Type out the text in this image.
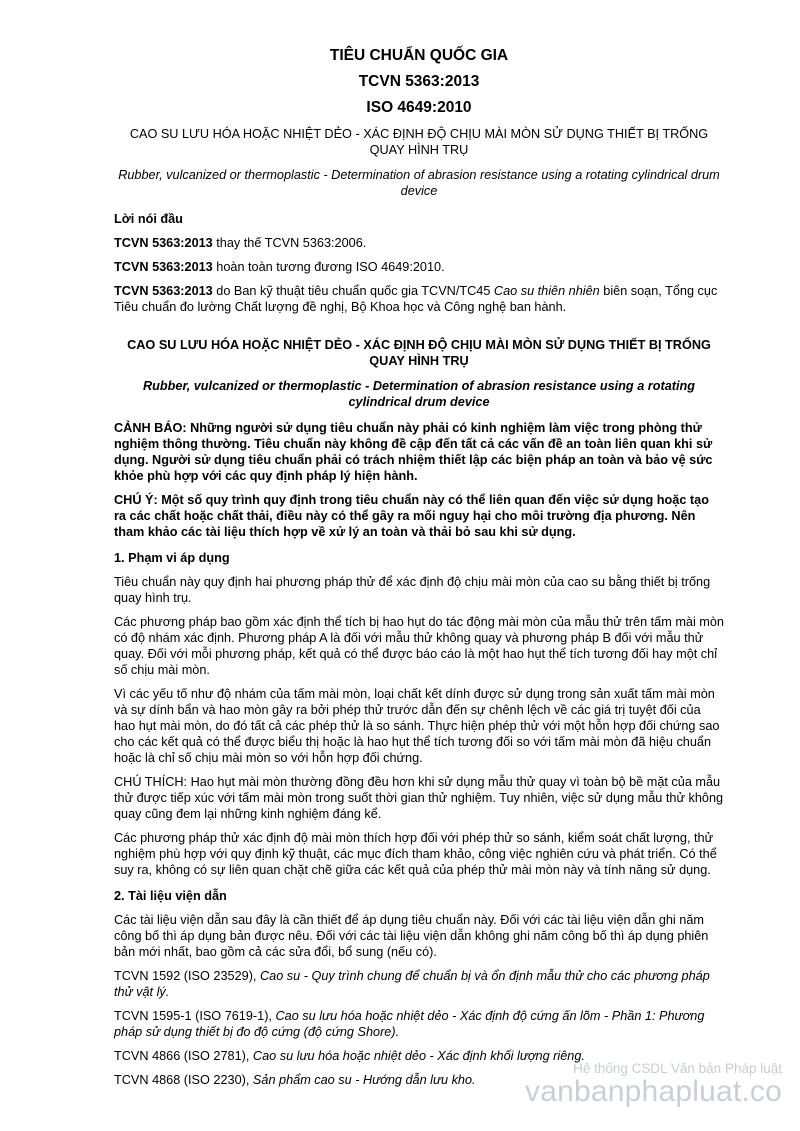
TIÊU CHUẨN QUỐC GIA
TCVN 5363:2013
ISO 4649:2010
CAO SU LƯU HÓA HOẶC NHIỆT DẺO - XÁC ĐỊNH ĐỘ CHỊU MÀI MÒN SỬ DỤNG THIẾT BỊ TRỐNG QUAY HÌNH TRỤ
Rubber, vulcanized or thermoplastic - Determination of abrasion resistance using a rotating cylindrical drum device

Lời nói đầu

TCVN 5363:2013 thay thế TCVN 5363:2006.

TCVN 5363:2013 hoàn toàn tương đương ISO 4649:2010.

TCVN 5363:2013 do Ban kỹ thuật tiêu chuẩn quốc gia TCVN/TC45 Cao su thiên nhiên biên soạn, Tổng cục Tiêu chuẩn đo lường Chất lượng đề nghị, Bộ Khoa học và Công nghệ ban hành.

CAO SU LƯU HÓA HOẶC NHIỆT DẺO - XÁC ĐỊNH ĐỘ CHỊU MÀI MÒN SỬ DỤNG THIẾT BỊ TRỐNG QUAY HÌNH TRỤ
Rubber, vulcanized or thermoplastic - Determination of abrasion resistance using a rotating cylindrical drum device

CẢNH BÁO: Những người sử dụng tiêu chuẩn này phải có kinh nghiệm làm việc trong phòng thử nghiệm thông thường. Tiêu chuẩn này không đề cập đến tất cả các vấn đề an toàn liên quan khi sử dụng. Người sử dụng tiêu chuẩn phải có trách nhiệm thiết lập các biện pháp an toàn và bảo vệ sức khỏe phù hợp với các quy định pháp lý hiện hành.

CHÚ Ý: Một số quy trình quy định trong tiêu chuẩn này có thể liên quan đến việc sử dụng hoặc tạo ra các chất hoặc chất thải, điều này có thể gây ra mối nguy hại cho môi trường địa phương. Nên tham khảo các tài liệu thích hợp về xử lý an toàn và thải bỏ sau khi sử dụng.

1. Phạm vi áp dụng

Tiêu chuẩn này quy định hai phương pháp thử để xác định độ chịu mài mòn của cao su bằng thiết bị trống quay hình trụ.

Các phương pháp bao gồm xác định thể tích bị hao hụt do tác động mài mòn của mẫu thử trên tấm mài mòn có độ nhám xác định. Phương pháp A là đối với mẫu thử không quay và phương pháp B đối với mẫu thử quay. Đối với mỗi phương pháp, kết quả có thể được báo cáo là một hao hụt thể tích tương đối hay một chỉ số chịu mài mòn.

Vì các yếu tố như độ nhám của tấm mài mòn, loại chất kết dính được sử dụng trong sản xuất tấm mài mòn và sự dính bẩn và hao mòn gây ra bởi phép thử trước dẫn đến sự chênh lệch về các giá trị tuyệt đối của hao hụt mài mòn, do đó tất cả các phép thử là so sánh. Thực hiện phép thử với một hỗn hợp đối chứng sao cho các kết quả có thể được biểu thị hoặc là hao hụt thể tích tương đối so với tấm mài mòn đã hiệu chuẩn hoặc là chỉ số chịu mài mòn so với hỗn hợp đối chứng.

CHÚ THÍCH: Hao hụt mài mòn thường đồng đều hơn khi sử dụng mẫu thử quay vì toàn bộ bề mặt của mẫu thử được tiếp xúc với tấm mài mòn trong suốt thời gian thử nghiệm. Tuy nhiên, việc sử dụng mẫu thử không quay cũng đem lại những kinh nghiệm đáng kể.

Các phương pháp thử xác định độ mài mòn thích hợp đối với phép thử so sánh, kiểm soát chất lượng, thử nghiệm phù hợp với quy định kỹ thuật, các mục đích tham khảo, công việc nghiên cứu và phát triển. Có thể suy ra, không có sự liên quan chặt chẽ giữa các kết quả của phép thử mài mòn này và tính năng sử dụng.

2. Tài liệu viện dẫn

Các tài liệu viện dẫn sau đây là cần thiết để áp dụng tiêu chuẩn này. Đối với các tài liệu viện dẫn ghi năm công bố thì áp dụng bản được nêu. Đối với các tài liệu viện dẫn không ghi năm công bố thì áp dụng phiên bản mới nhất, bao gồm cả các sửa đổi, bổ sung (nếu có).

TCVN 1592 (ISO 23529), Cao su - Quy trình chung để chuẩn bị và ổn định mẫu thử cho các phương pháp thử vật lý.

TCVN 1595-1 (ISO 7619-1), Cao su lưu hóa hoặc nhiệt dẻo - Xác định độ cứng ấn lõm - Phần 1: Phương pháp sử dụng thiết bị đo độ cứng (độ cứng Shore).

TCVN 4866 (ISO 2781), Cao su lưu hóa hoặc nhiệt dẻo - Xác định khối lượng riêng.

TCVN 4868 (ISO 2230), Sản phẩm cao su - Hướng dẫn lưu kho.

Hệ thống CSDL Văn bản Pháp luật
vanbanphapluat.co
